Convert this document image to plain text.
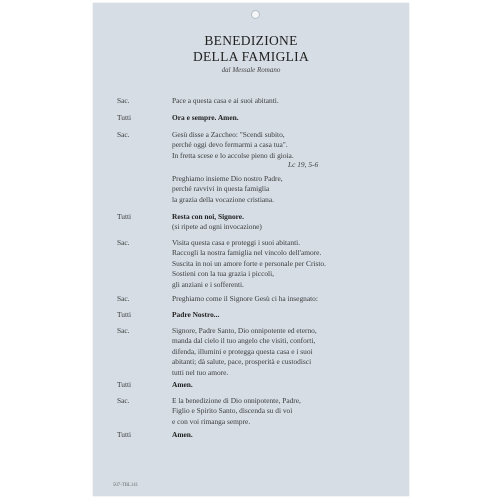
BENEDIZIONE
DELLA FAMIGLIA
dal Messale Romano
Sac.	Pace a questa casa e ai suoi abitanti.
Tutti	Ora e sempre. Amen.
Sac.	Gesù disse a Zaccheo: "Scendi subito,
perché oggi devo fermarmi a casa tua".
In fretta scese e lo accolse pieno di gioia.
Lc 19, 5-6
Preghiamo insieme Dio nostro Padre,
perché ravvivi in questa famiglia
la grazia della vocazione cristiana.
Tutti	Resta con noi, Signore.
(si ripete ad ogni invocazione)
Sac.	Visita questa casa e proteggi i suoi abitanti.
Raccogli la nostra famiglia nel vincolo dell'amore.
Suscita in noi un amore forte e personale per Cristo.
Sostieni con la tua grazia i piccoli,
gli anziani e i sofferenti.
Sac.	Preghiamo come il Signore Gesù ci ha insegnato:
Tutti	Padre Nostro...
Sac.	Signore, Padre Santo, Dio onnipotente ed eterno,
manda dal cielo il tuo angelo che visiti, conforti,
difenda, illumini e protegga questa casa e i suoi
abitanti; dà salute, pace, prosperità e custodisci
tutti nel tuo amore.
Tutti	Amen.
Sac.	E la benedizione di Dio onnipotente, Padre,
Figlio e Spirito Santo, discenda su di voi
e con voi rimanga sempre.
Tutti	Amen.
507-TBL141
